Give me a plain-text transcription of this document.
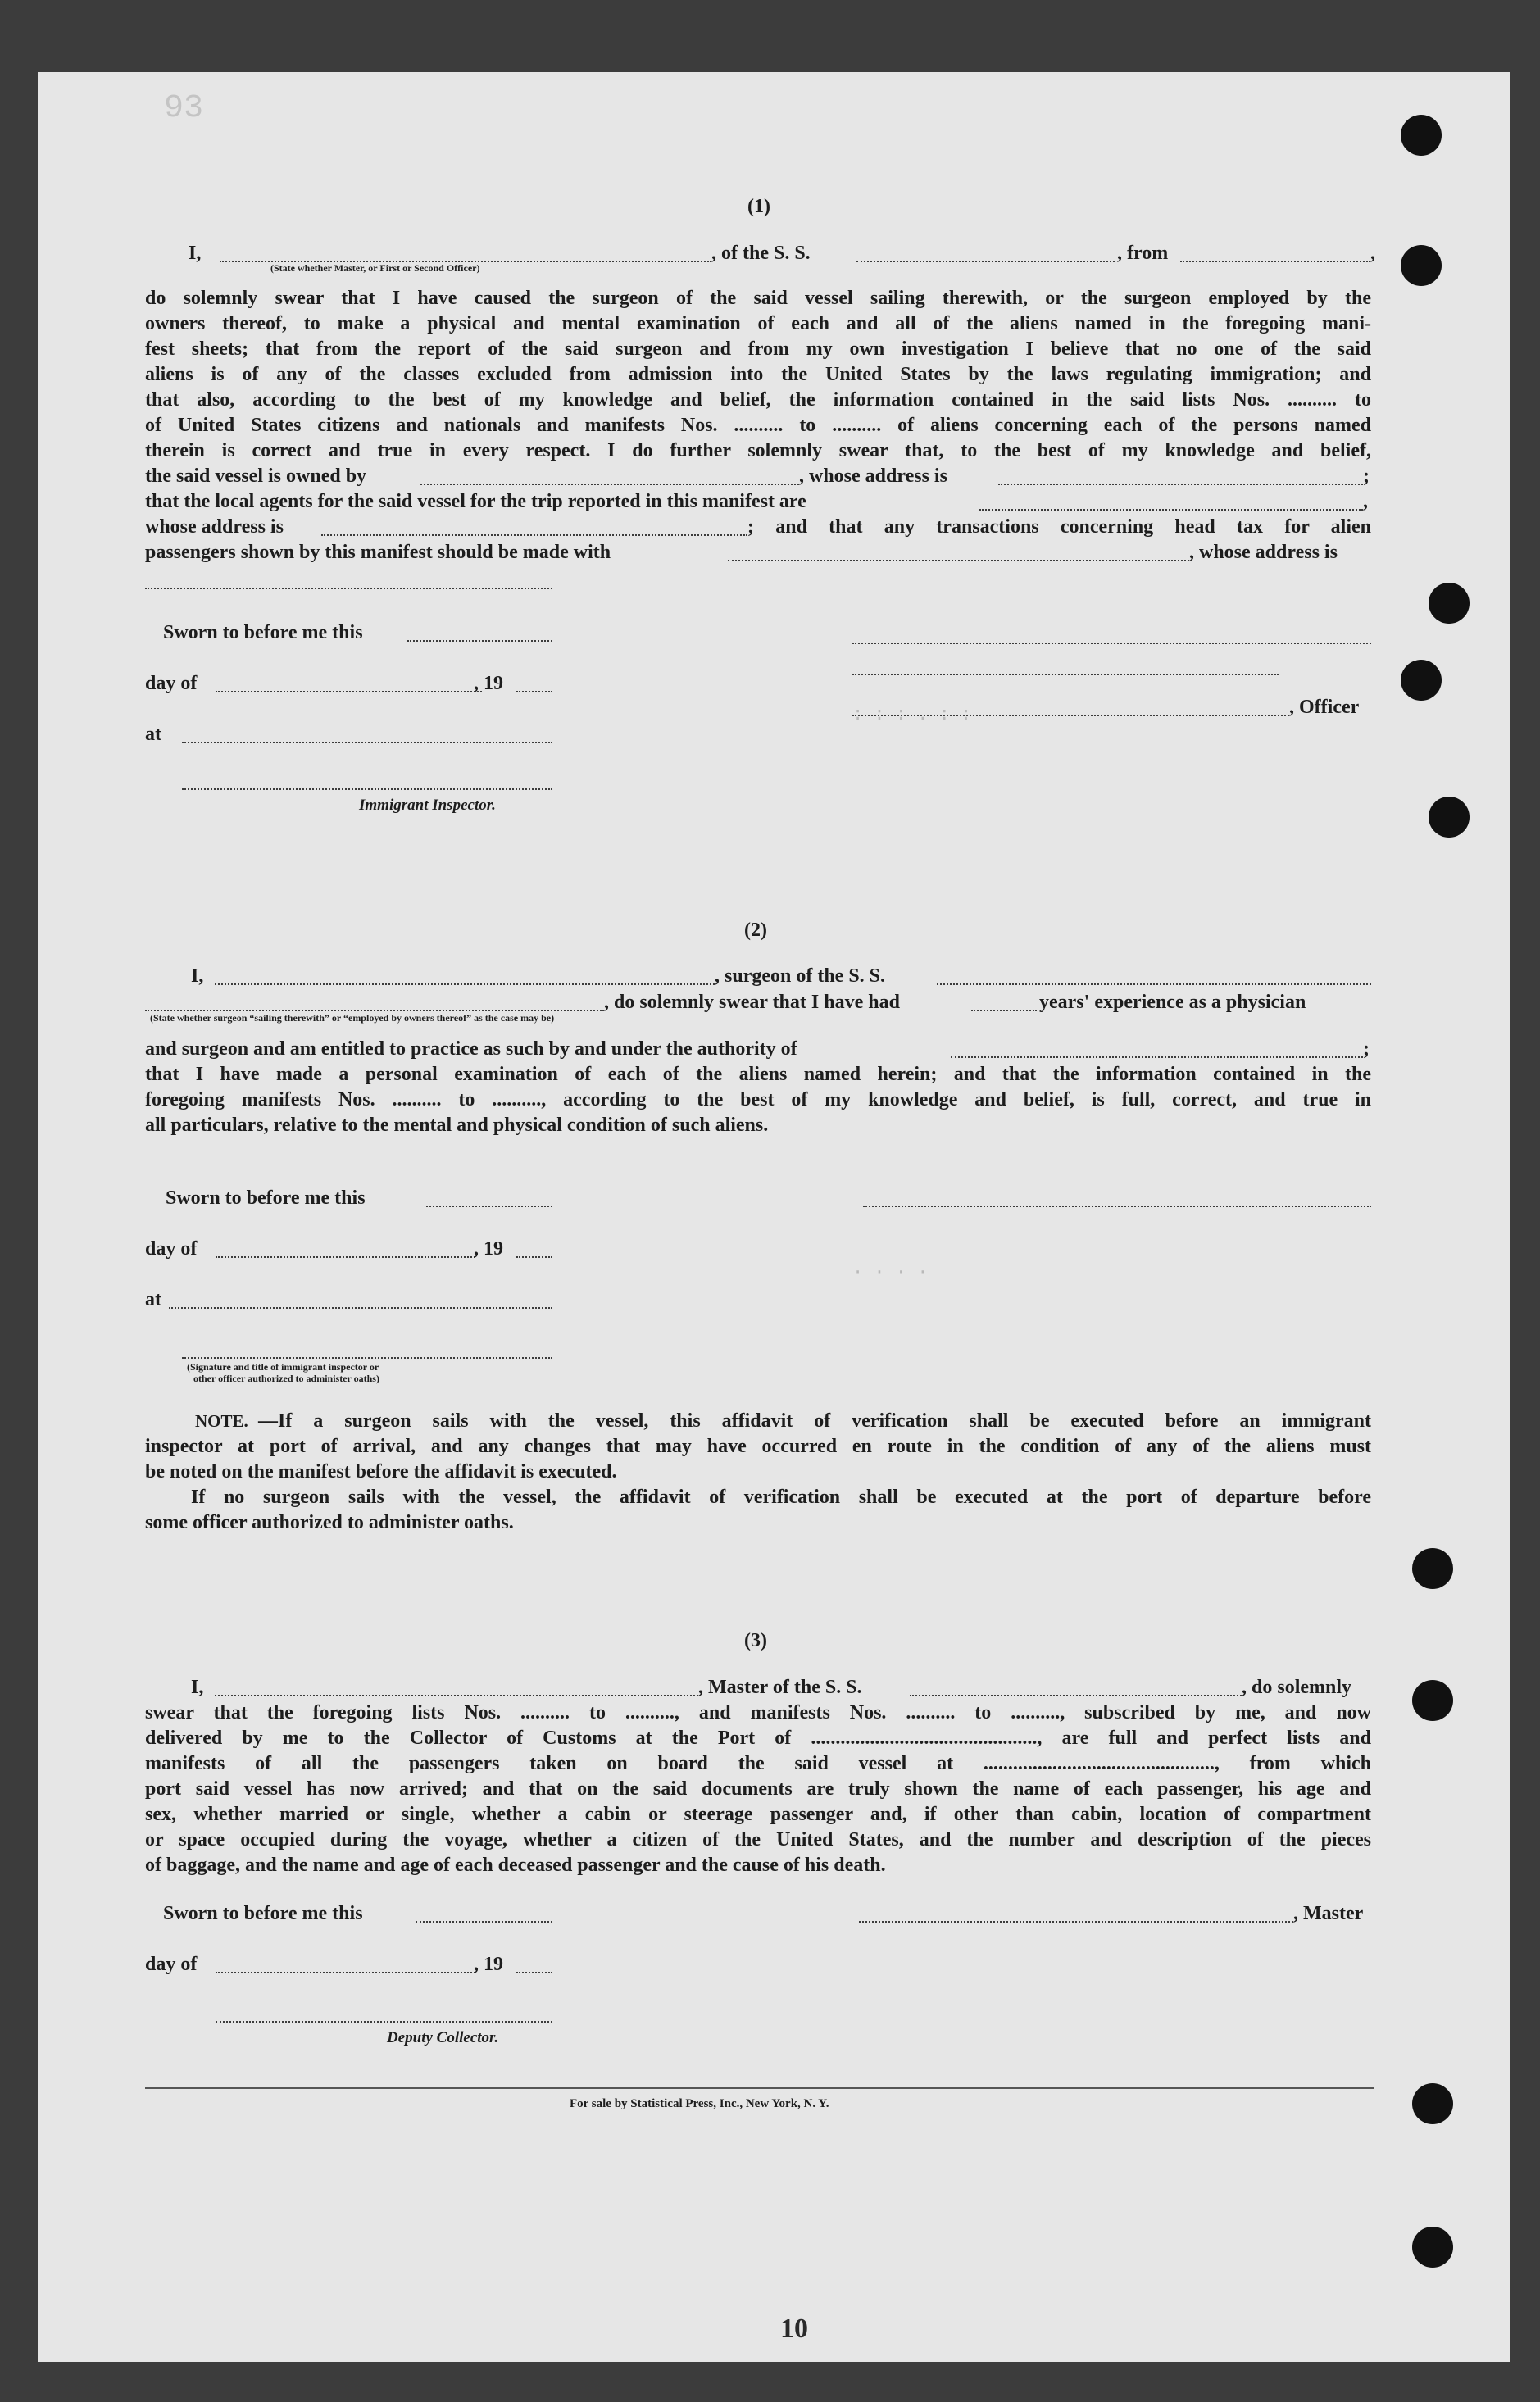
93
: : : . : :
· · · ·
(1)
I,	, of the S. S.	, from	,
(State whether Master, or First or Second Officer)
do solemnly swear that I have caused the surgeon of the said vessel sailing therewith, or the surgeon employed by the
owners thereof, to make a physical and mental examination of each and all of the aliens named in the foregoing mani-
fest sheets; that from the report of the said surgeon and from my own investigation I believe that no one of the said
aliens is of any of the classes excluded from admission into the United States by the laws regulating immigration; and
that also, according to the best of my knowledge and belief, the information contained in the said lists Nos. .......... to
of United States citizens and nationals and manifests Nos. .......... to .......... of aliens concerning each of the persons named
therein is correct and true in every respect. I do further solemnly swear that, to the best of my knowledge and belief,
the said vessel is owned by	, whose address is	;
that the local agents for the said vessel for the trip reported in this manifest are	,
whose address is	; and that any transactions concerning head tax for alien
passengers shown by this manifest should be made with	, whose address is
Sworn to before me this
day of	, 19
at
Immigrant Inspector.
, Officer
(2)
I,	, surgeon of the S. S.
, do solemnly swear that I have had	years' experience as a physician
(State whether surgeon “sailing therewith” or “employed by owners thereof” as the case may be)
and surgeon and am entitled to practice as such by and under the authority of	;
that I have made a personal examination of each of the aliens named herein; and that the information contained in the
foregoing manifests Nos. .......... to .........., according to the best of my knowledge and belief, is full, correct, and true in
all particulars, relative to the mental and physical condition of such aliens.
Sworn to before me this
day of	, 19
at
(Signature and title of immigrant inspector or
other officer authorized to administer oaths)
NOTE. —If a surgeon sails with the vessel, this affidavit of verification shall be executed before an immigrant
inspector at port of arrival, and any changes that may have occurred en route in the condition of any of the aliens must
be noted on the manifest before the affidavit is executed.
If no surgeon sails with the vessel, the affidavit of verification shall be executed at the port of departure before
some officer authorized to administer oaths.
(3)
I,	, Master of the S. S.	, do solemnly
swear that the foregoing lists Nos. .......... to .........., and manifests Nos. .......... to .........., subscribed by me, and now
delivered by me to the Collector of Customs at the Port of .............................................., are full and perfect lists and
manifests of all the passengers taken on board the said vessel at ..............................................., from which
port said vessel has now arrived; and that on the said documents are truly shown the name of each passenger, his age and
sex, whether married or single, whether a cabin or steerage passenger and, if other than cabin, location of compartment
or space occupied during the voyage, whether a citizen of the United States, and the number and description of the pieces
of baggage, and the name and age of each deceased passenger and the cause of his death.
Sworn to before me this
day of	, 19
Deputy Collector.
, Master
For sale by Statistical Press, Inc., New York, N. Y.
10
